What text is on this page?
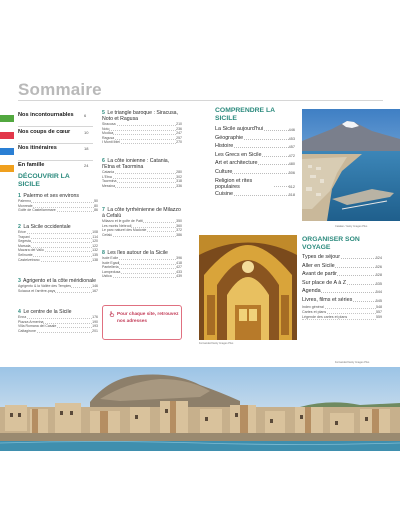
Sommaire
Nos incontournables	6
Nos coups de cœur	10
Nos itinéraires	18
En famille	24
DÉCOUVRIR LA SICILE
1 Palermo et ses environs
Palermo	50
Monreale	80
Golfe de Castellammare	86
2 La Sicile occidentale
Erice	108
Trapani	114
Segesta	120
Marsala	122
Mazara del Vallo	132
Selinunte	135
Castelvetrano	138
3 Agrigento et la côte méridionale
Agrigento & la Vallée des Temples	146
Sciacca et l'arrière-pays	167
4 Le centre de la Sicile
Enna	176
Piazza Armerina	190
Villa Romana del Casale	193
Caltagirone	201
5 Le triangle baroque : Siracusa, Noto et Ragusa
Siracusa	210
Noto	236
Modica	247
Ragusa	257
I Monti Iblei	270
6 La côte ionienne : Catania, l'Etna et Taormina
Catania	280
L'Etna	302
Taormina	318
Messina	336
7 La côte tyrrhénienne de Milazzo à Cefalù
Milazzo et le golfe de Patti	350
Les monts Nebrodi	360
Le parc naturel des Madonie	372
Cefalù	386
8 Les îles autour de la Sicile
Isole Eolie	396
Isole Egadi	418
Pantelleria	427
Lampedusa	433
Ustica	439
Pour chaque site, retrouvez nos adresses
COMPRENDRE LA SICILE
La Sicile aujourd'hui	446
Géographie	453
Histoire	457
Les Grecs en Sicile	472
Art et architecture	480
Culture	506
Religion et rites populaires	512
Cuisine	518
ORGANISER SON VOYAGE
Types de séjour	524
Aller en Sicile	526
Avant de partir	528
Sur place de A à Z	535
Agenda	544
Livres, films et séries	545
Index général	548
Cartes et plans	557
Légende des cartes et plans	559
Catalan / Getty Images Plus
Fernandez/Getty Images Plus
Fernandez/Getty Images Plus
